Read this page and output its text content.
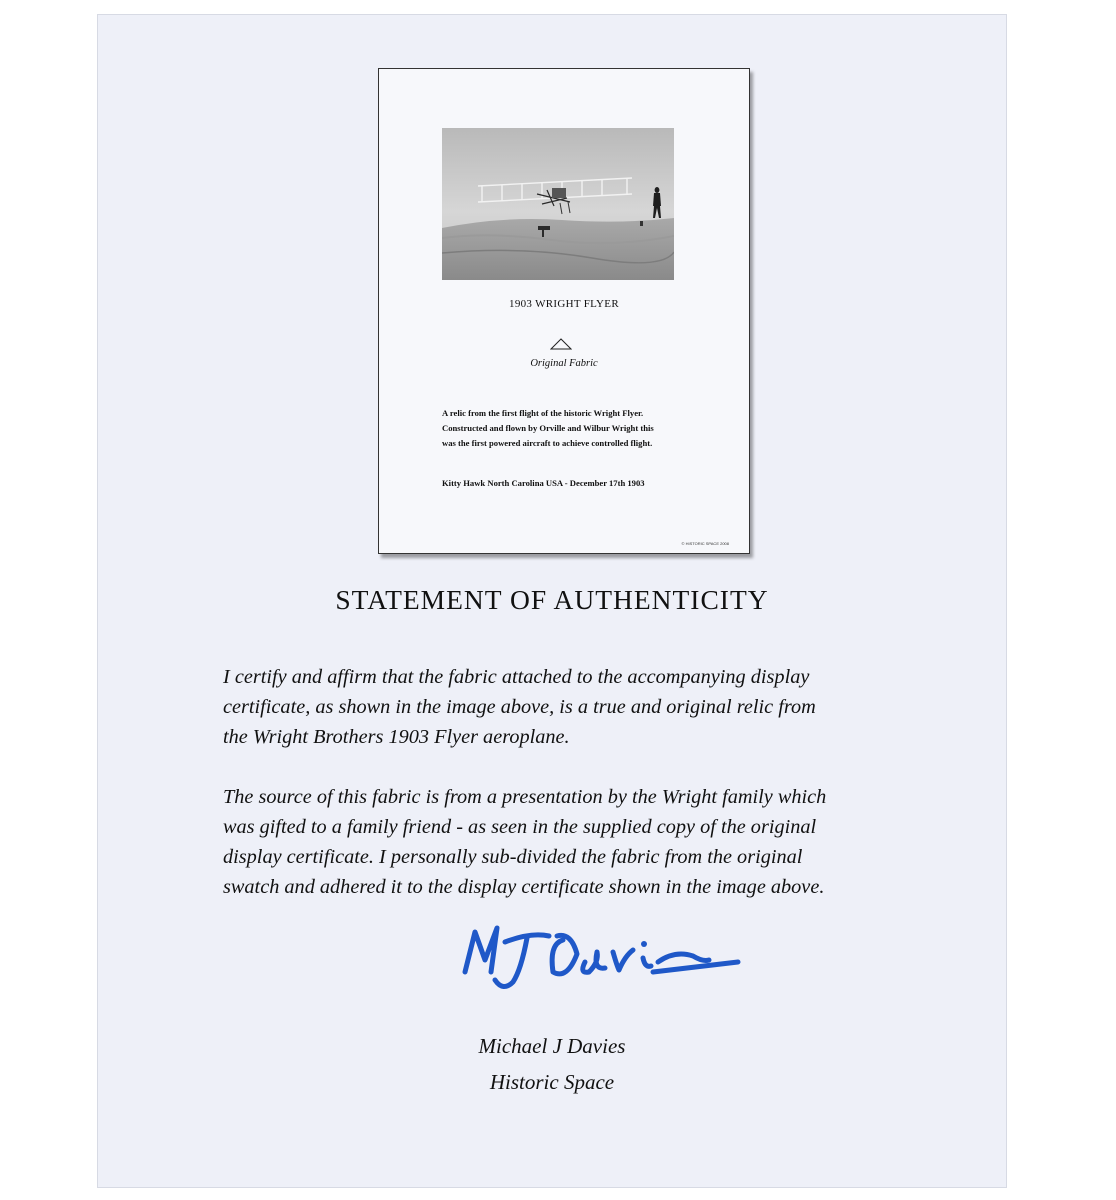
1903 WRIGHT FLYER
Original Fabric

A relic from the first flight of the historic Wright Flyer.

Constructed and flown by Orville and Wilbur Wright this

was the first powered aircraft to achieve controlled flight.

Kitty Hawk North Carolina USA - December 17th 1903
© HISTORIC SPACE 2008
STATEMENT OF AUTHENTICITY
I certify and affirm that the fabric attached to the accompanying display
certificate, as shown in the image above, is a true and original relic from
the Wright Brothers 1903 Flyer aeroplane.
The source of this fabric is from a presentation by the Wright family which
was gifted to a family friend - as seen in the supplied copy of the original
display certificate. I personally sub-divided the fabric from the original
swatch and adhered it to the display certificate shown in the image above.
Michael J Davies
Historic Space
